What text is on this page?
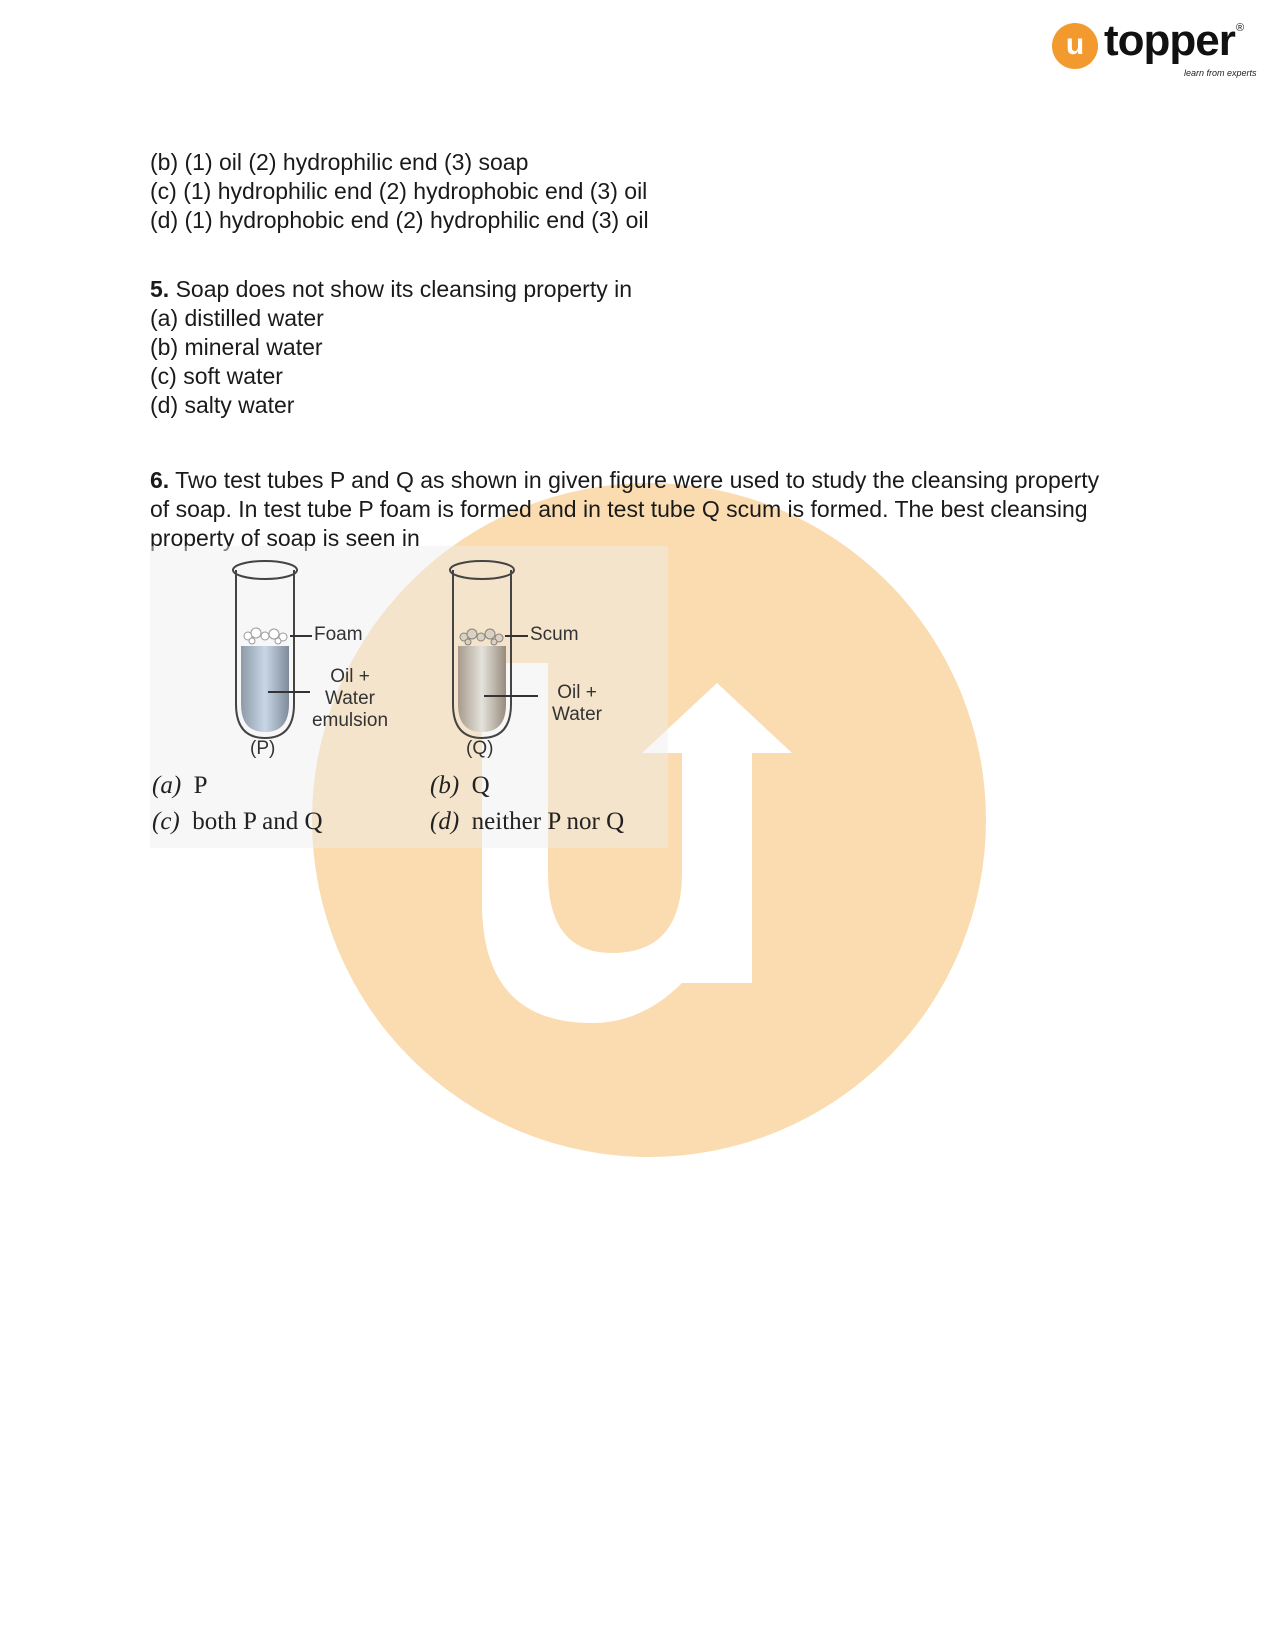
u topper ®
learn from experts

(b) (1) oil (2) hydrophilic end (3) soap

(c) (1) hydrophilic end (2) hydrophobic end (3) oil

(d) (1) hydrophobic end (2) hydrophilic end (3) oil

5. Soap does not show its cleansing property in

(a) distilled water

(b) mineral water

(c) soft water

(d) salty water

6. Two test tubes P and Q as shown in given figure were used to study the cleansing property of soap. In test tube P foam is formed and in test tube Q scum is formed. The best cleansing property of soap is seen in

Foam
Oil +
Water
emulsion
(P)
Scum
Oil +
Water
(Q)
(a) P	(b) Q
(c) both P and Q	(d) neither P nor Q
